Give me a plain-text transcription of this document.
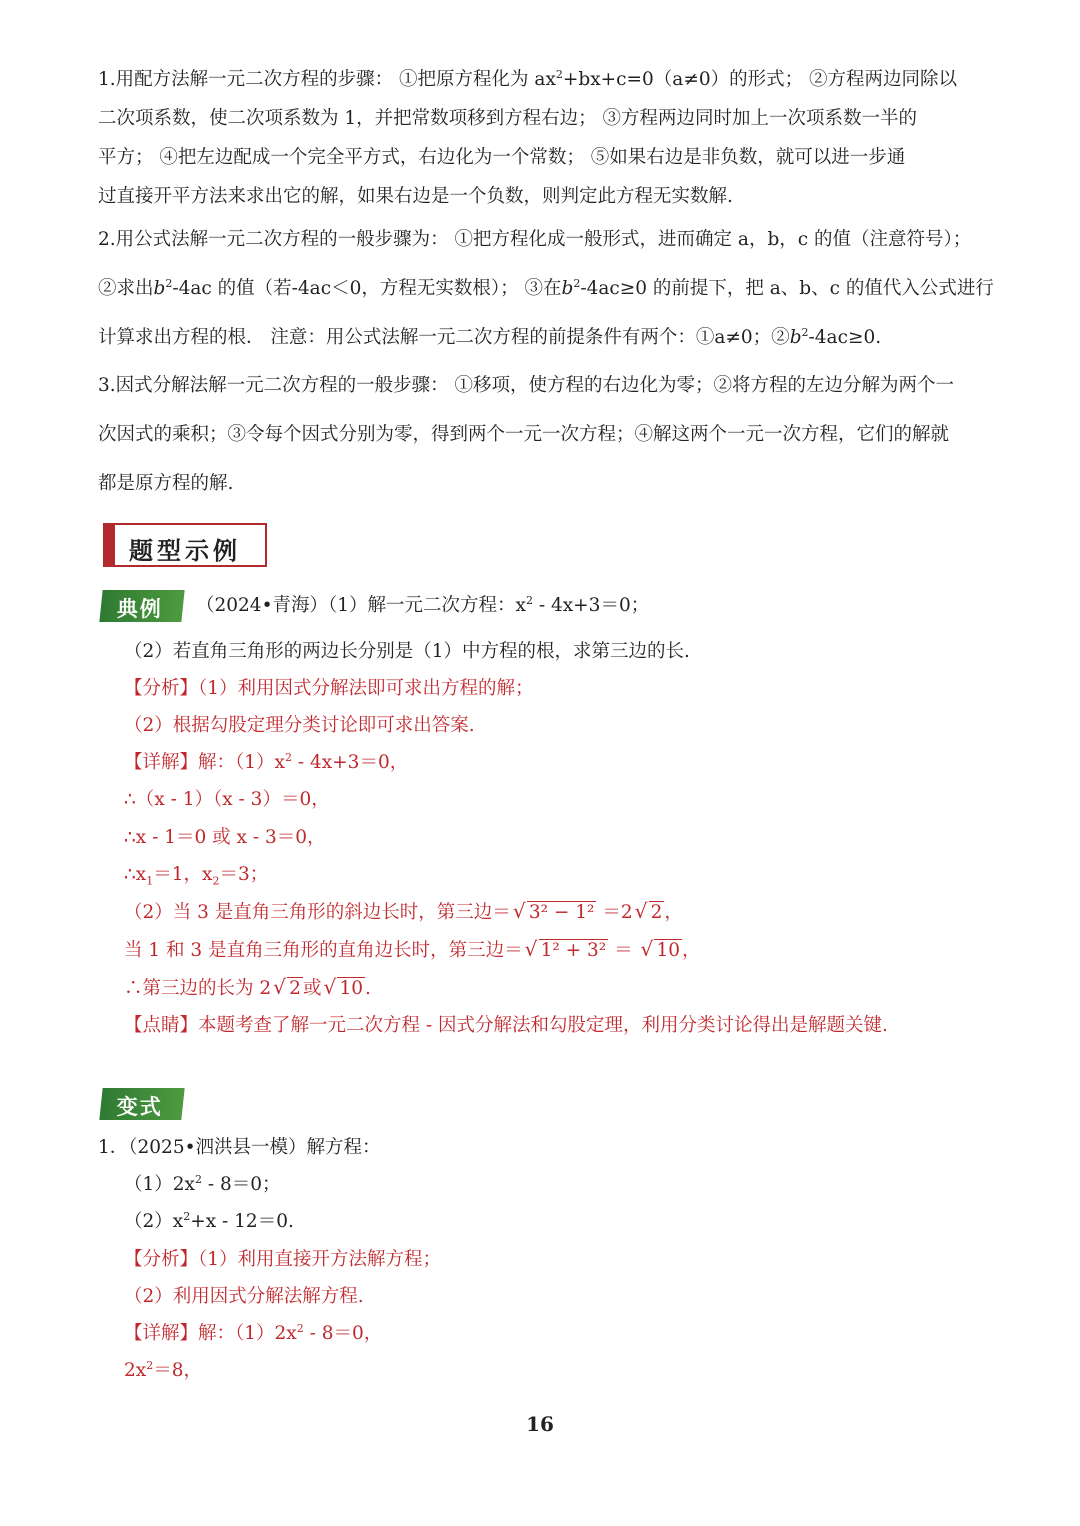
1.用配方法解一元二次方程的步骤： ①把原方程化为 $ax^2+bx+c=0(a\ne 0)$的形式； ②方程两边同除以
二次项系数，使二次项系数为 1，并把常数项移到方程右边； ③方程两边同时加上一次项系数一半的
平方； ④把左边配成一个完全平方式，右边化为一个常数； ⑤如果右边是非负数，就可以进一步通
过直接开平方法来求出它的解，如果右边是一个负数，则判定此方程无实数解.
2.用公式法解一元二次方程的一般步骤为： ①把方程化成一般形式，进而确定 a，b，c 的值（注意符号）；
②求出$b^2-4ac$ 的值（若-4ac＜0，方程无实数根）； ③在$b^2-4ac\ge 0$ 的前提下，把 a、b、c 的值代入公式进行
计算求出方程的根． 注意：用公式法解一元二次方程的前提条件有两个：①a≠0；$②b^2-4ac\ge 0$.
3.因式分解法解一元二次方程的一般步骤： ①移项，使方程的右边化为零；②将方程的左边分解为两个一
次因式的乘积；③令每个因式分别为零，得到两个一元一次方程；④解这两个一元一次方程，它们的解就
都是原方程的解.
题型示例
典例 （2024•青海）（1）解一元二次方程：$x^2 - 4x+3=0$；
（2）若直角三角形的两边长分别是（1）中方程的根，求第三边的长.
【分析】（1）利用因式分解法即可求出方程的解；
（2）根据勾股定理分类讨论即可求出答案.
【详解】解：$(1)x^2 - 4x+3=0$，
∴（x - 1）（x - 3）＝0，
∴x - 1＝0 或 x - 3＝0，
$\therefore x_1=1$，$x_2=3$；
（2）当 3 是直角三角形的斜边长时，第三边＝ √ 3² − 1² ＝2 √ 2 ，
当 1 和 3 是直角三角形的直角边长时，第三边＝ √ 1² + 3² ＝ √ 10 ，
∴第三边的长为 2 √ 2 或 √ 10 .
【点睛】本题考查了解一元二次方程 - 因式分解法和勾股定理，利用分类讨论得出是解题关键.
变式
1．（2025•泗洪县一模）解方程：
$(1)2x^2 - 8=0$；
$(2)x^2+x - 12=0$.
【分析】（1）利用直接开方法解方程；
（2）利用因式分解法解方程.
【详解】解：$(1)2x^2 - 8=0$，
$2x^2=8$，
16
